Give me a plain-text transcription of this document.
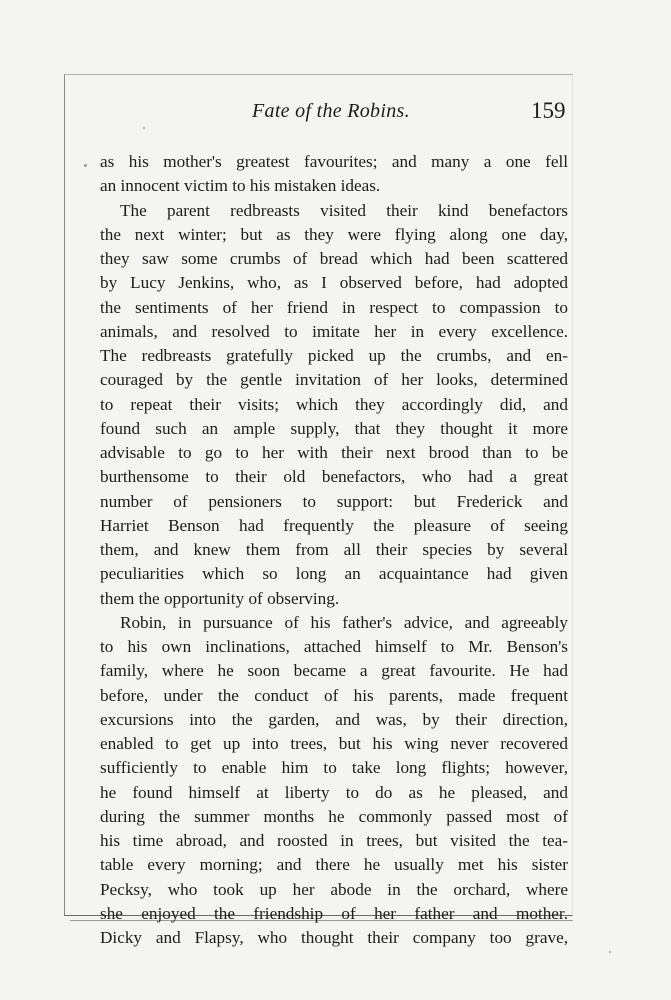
Fate of the Robins.	159
as his mother's greatest favourites; and many a one fell
an innocent victim to his mistaken ideas.
The parent redbreasts visited their kind benefactors
the next winter; but as they were flying along one day,
they saw some crumbs of bread which had been scattered
by Lucy Jenkins, who, as I observed before, had adopted
the sentiments of her friend in respect to compassion to
animals, and resolved to imitate her in every excellence.
The redbreasts gratefully picked up the crumbs, and en-
couraged by the gentle invitation of her looks, determined
to repeat their visits; which they accordingly did, and
found such an ample supply, that they thought it more
advisable to go to her with their next brood than to be
burthensome to their old benefactors, who had a great
number of pensioners to support: but Frederick and
Harriet Benson had frequently the pleasure of seeing
them, and knew them from all their species by several
peculiarities which so long an acquaintance had given
them the opportunity of observing.
Robin, in pursuance of his father's advice, and agreeably
to his own inclinations, attached himself to Mr. Benson's
family, where he soon became a great favourite. He had
before, under the conduct of his parents, made frequent
excursions into the garden, and was, by their direction,
enabled to get up into trees, but his wing never recovered
sufficiently to enable him to take long flights; however,
he found himself at liberty to do as he pleased, and
during the summer months he commonly passed most of
his time abroad, and roosted in trees, but visited the tea-
table every morning; and there he usually met his sister
Pecksy, who took up her abode in the orchard, where
she enjoyed the friendship of her father and mother.
Dicky and Flapsy, who thought their company too grave,
